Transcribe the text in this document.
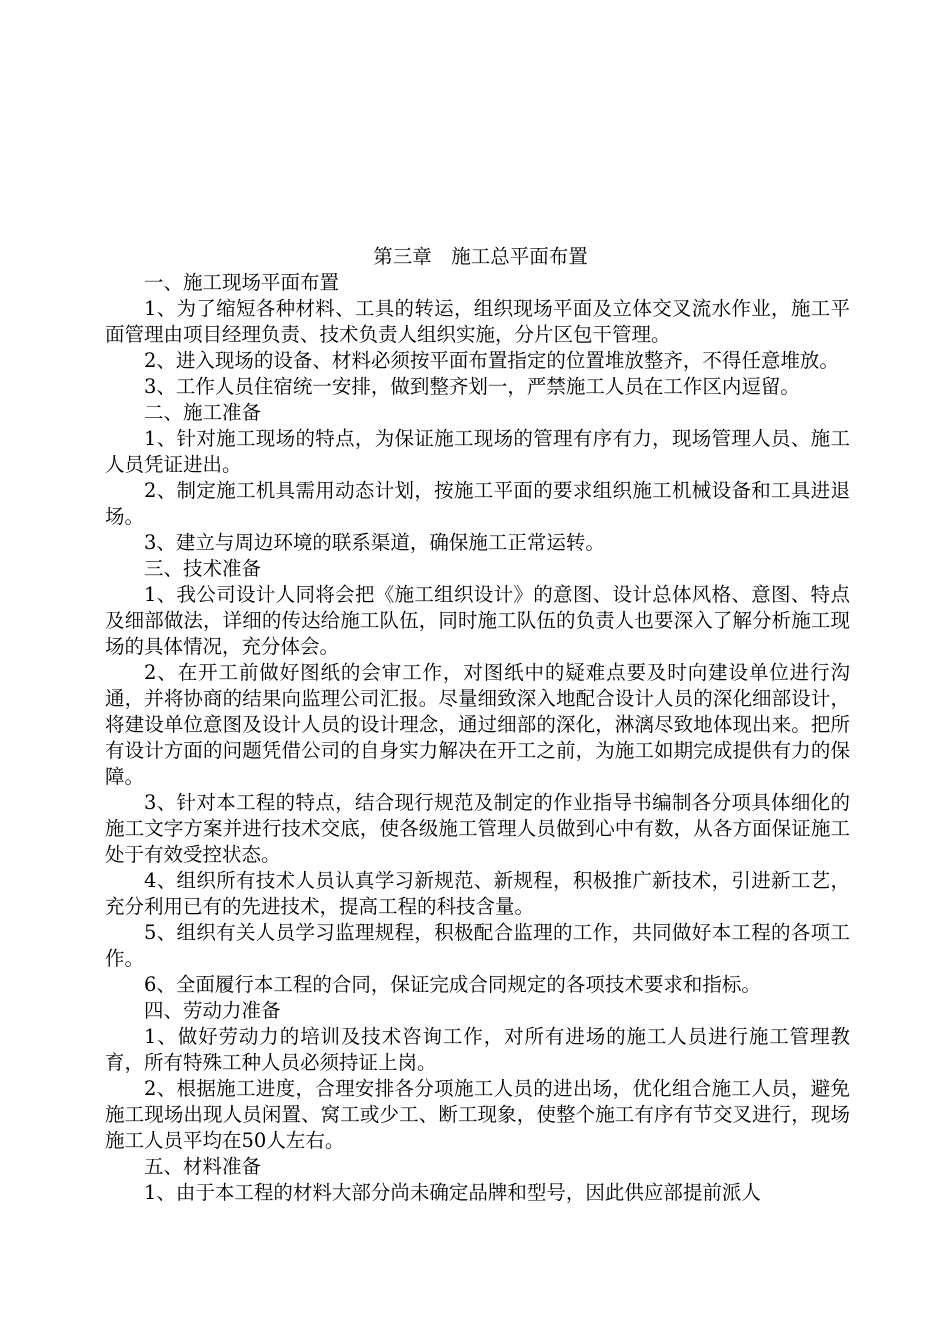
第三章　施工总平面布置

一、施工现场平面布置

1、为了缩短各种材料、工具的转运，组织现场平面及立体交叉流水作业，施工平面管理由项目经理负责、技术负责人组织实施，分片区包干管理。

2、进入现场的设备、材料必须按平面布置指定的位置堆放整齐，不得任意堆放。

3、工作人员住宿统一安排，做到整齐划一，严禁施工人员在工作区内逗留。

二、施工准备

1、针对施工现场的特点，为保证施工现场的管理有序有力，现场管理人员、施工人员凭证进出。

2、制定施工机具需用动态计划，按施工平面的要求组织施工机械设备和工具进退场。

3、建立与周边环境的联系渠道，确保施工正常运转。

三、技术准备

1、我公司设计人同将会把《施工组织设计》的意图、设计总体风格、意图、特点及细部做法，详细的传达给施工队伍，同时施工队伍的负责人也要深入了解分析施工现场的具体情况，充分体会。

2、在开工前做好图纸的会审工作，对图纸中的疑难点要及时向建设单位进行沟通，并将协商的结果向监理公司汇报。尽量细致深入地配合设计人员的深化细部设计，将建设单位意图及设计人员的设计理念，通过细部的深化，淋漓尽致地体现出来。把所有设计方面的问题凭借公司的自身实力解决在开工之前，为施工如期完成提供有力的保障。

3、针对本工程的特点，结合现行规范及制定的作业指导书编制各分项具体细化的施工文字方案并进行技术交底，使各级施工管理人员做到心中有数，从各方面保证施工处于有效受控状态。

4、组织所有技术人员认真学习新规范、新规程，积极推广新技术，引进新工艺，充分利用已有的先进技术，提高工程的科技含量。

5、组织有关人员学习监理规程，积极配合监理的工作，共同做好本工程的各项工作。

6、全面履行本工程的合同，保证完成合同规定的各项技术要求和指标。

四、劳动力准备

1、做好劳动力的培训及技术咨询工作，对所有进场的施工人员进行施工管理教育，所有特殊工种人员必须持证上岗。

2、根据施工进度，合理安排各分项施工人员的进出场，优化组合施工人员，避免施工现场出现人员闲置、窝工或少工、断工现象，使整个施工有序有节交叉进行，现场施工人员平均在50人左右。

五、材料准备

1、由于本工程的材料大部分尚未确定品牌和型号，因此供应部提前派人
